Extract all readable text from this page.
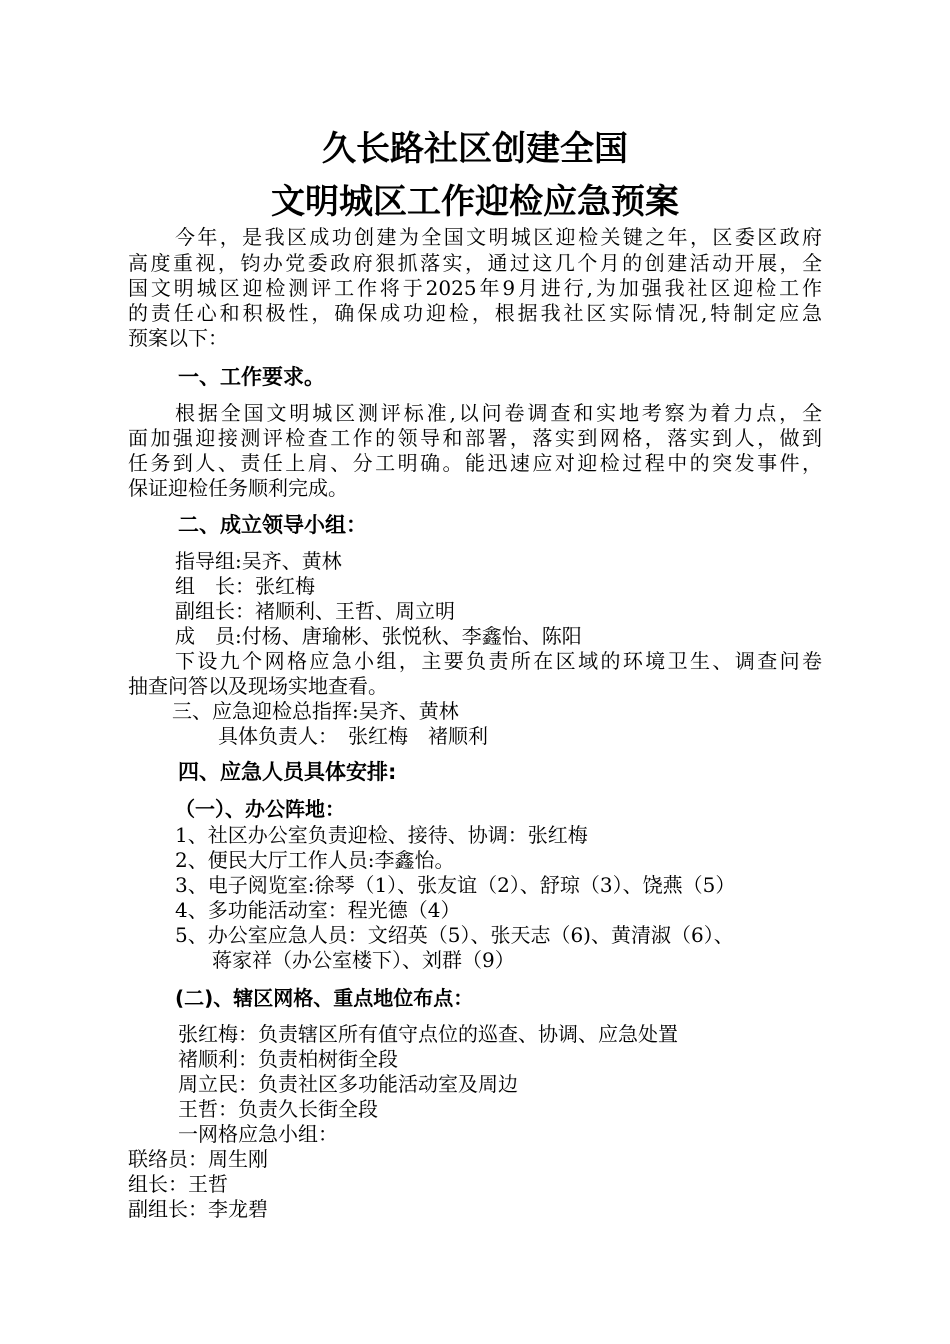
久长路社区创建全国
文明城区工作迎检应急预案
今年，是我区成功创建为全国文明城区迎检关键之年，区委区政府
高度重视，钧办党委政府狠抓落实，通过这几个月的创建活动开展，全
国文明城区迎检测评工作将于2025年9月进行,为加强我社区迎检工作
的责任心和积极性，确保成功迎检，根据我社区实际情况,特制定应急
预案以下：
一、工作要求。
根据全国文明城区测评标准,以问卷调查和实地考察为着力点，全
面加强迎接测评检查工作的领导和部署，落实到网格，落实到人，做到
任务到人、责任上肩、分工明确。能迅速应对迎检过程中的突发事件，
保证迎检任务顺利完成。
二、成立领导小组：
指导组:吴齐、黄林
组　长：张红梅
副组长：褚顺利、王哲、周立明
成　员:付杨、唐瑜彬、张悦秋、李鑫怡、陈阳
下设九个网格应急小组，主要负责所在区域的环境卫生、调查问卷
抽查问答以及现场实地查看。
三、应急迎检总指挥:吴齐、黄林
具体负责人：　张红梅　褚顺利
四、应急人员具体安排:
（一）、办公阵地：
1、社区办公室负责迎检、接待、协调：张红梅
2、便民大厅工作人员:李鑫怡。
3、电子阅览室:徐琴（1）、张友谊（2）、舒琼（3）、饶燕（5）
4、多功能活动室：程光德（4）
5、办公室应急人员：文绍英（5）、张天志（6)、黄清淑（6）、
蒋家祥（办公室楼下）、刘群（9）
(二)、辖区网格、重点地位布点：
张红梅：负责辖区所有值守点位的巡查、协调、应急处置
褚顺利：负责柏树街全段
周立民：负责社区多功能活动室及周边
王哲：负责久长街全段
一网格应急小组：
联络员：周生刚
组长：王哲
副组长：李龙碧
